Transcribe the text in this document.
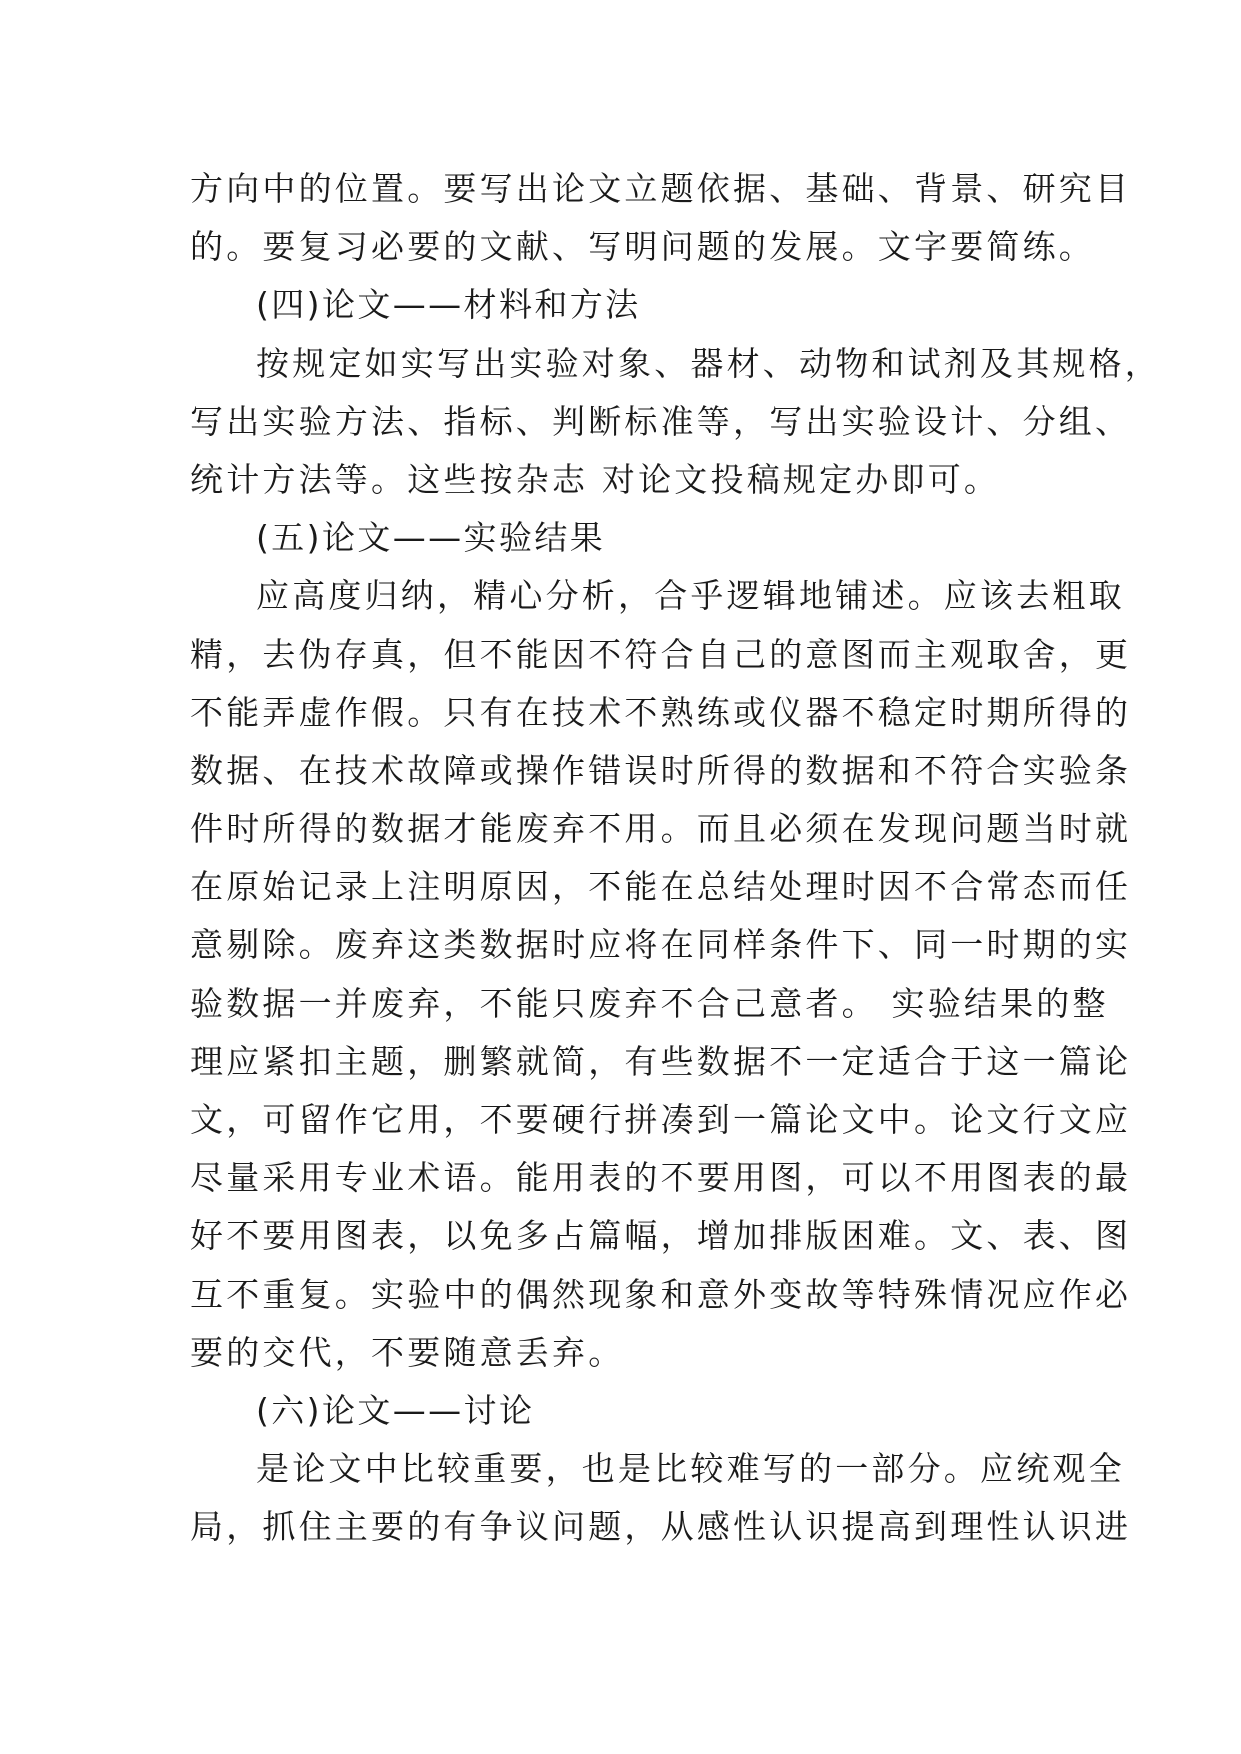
方向中的位置。要写出论文立题依据、基础、背景、研究目
的。要复习必要的文献、写明问题的发展。文字要简练。
(四)论文——材料和方法
按规定如实写出实验对象、器材、动物和试剂及其规格，
写出实验方法、指标、判断标准等，写出实验设计、分组、
统计方法等。这些按杂志 对论文投稿规定办即可。
(五)论文——实验结果
应高度归纳，精心分析，合乎逻辑地铺述。应该去粗取
精，去伪存真，但不能因不符合自己的意图而主观取舍，更
不能弄虚作假。只有在技术不熟练或仪器不稳定时期所得的
数据、在技术故障或操作错误时所得的数据和不符合实验条
件时所得的数据才能废弃不用。而且必须在发现问题当时就
在原始记录上注明原因，不能在总结处理时因不合常态而任
意剔除。废弃这类数据时应将在同样条件下、同一时期的实
验数据一并废弃，不能只废弃不合己意者。 实验结果的整
理应紧扣主题，删繁就简，有些数据不一定适合于这一篇论
文，可留作它用，不要硬行拼凑到一篇论文中。论文行文应
尽量采用专业术语。能用表的不要用图，可以不用图表的最
好不要用图表，以免多占篇幅，增加排版困难。文、表、图
互不重复。实验中的偶然现象和意外变故等特殊情况应作必
要的交代，不要随意丢弃。
(六)论文——讨论
是论文中比较重要，也是比较难写的一部分。应统观全
局，抓住主要的有争议问题，从感性认识提高到理性认识进
